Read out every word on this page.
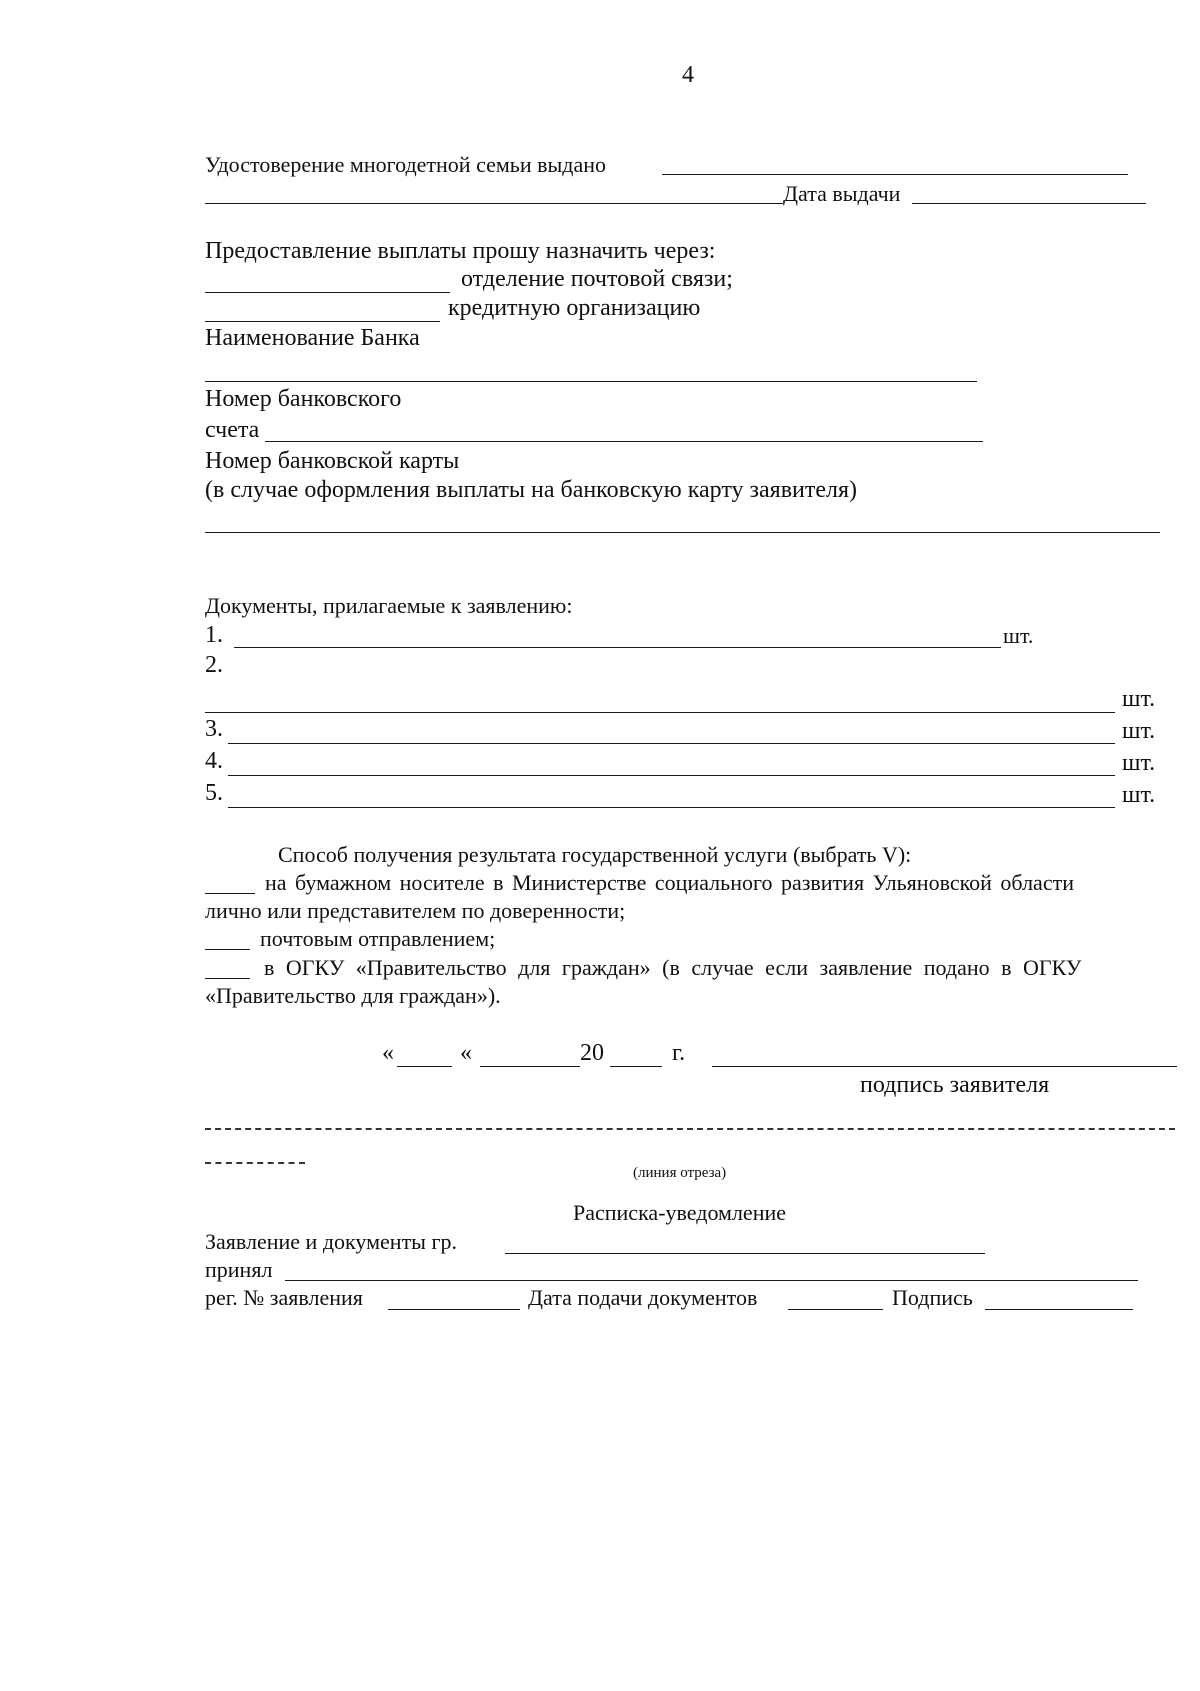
4
Удостоверение многодетной семьи выдано
Дата выдачи
Предоставление выплаты прошу назначить через:
отделение почтовой связи;
кредитную организацию
Наименование Банка
Номер банковского
счета
Номер банковской карты
(в случае оформления выплаты на банковскую карту заявителя)
Документы, прилагаемые к заявлению:
1.	шт.
2.
шт.
3.	шт.
4.	шт.
5.	шт.
Способ получения результата государственной услуги (выбрать V):
на бумажном носителе в Министерстве социального развития Ульяновской области
лично или представителем по доверенности;
почтовым отправлением;
в ОГКУ «Правительство для граждан» (в случае если заявление подано в ОГКУ
«Правительство для граждан»).
«	«	20	г.
подпись заявителя
(линия отреза)
Расписка-уведомление
Заявление и документы гр.
принял
рег. № заявления	Дата подачи документов	Подпись
